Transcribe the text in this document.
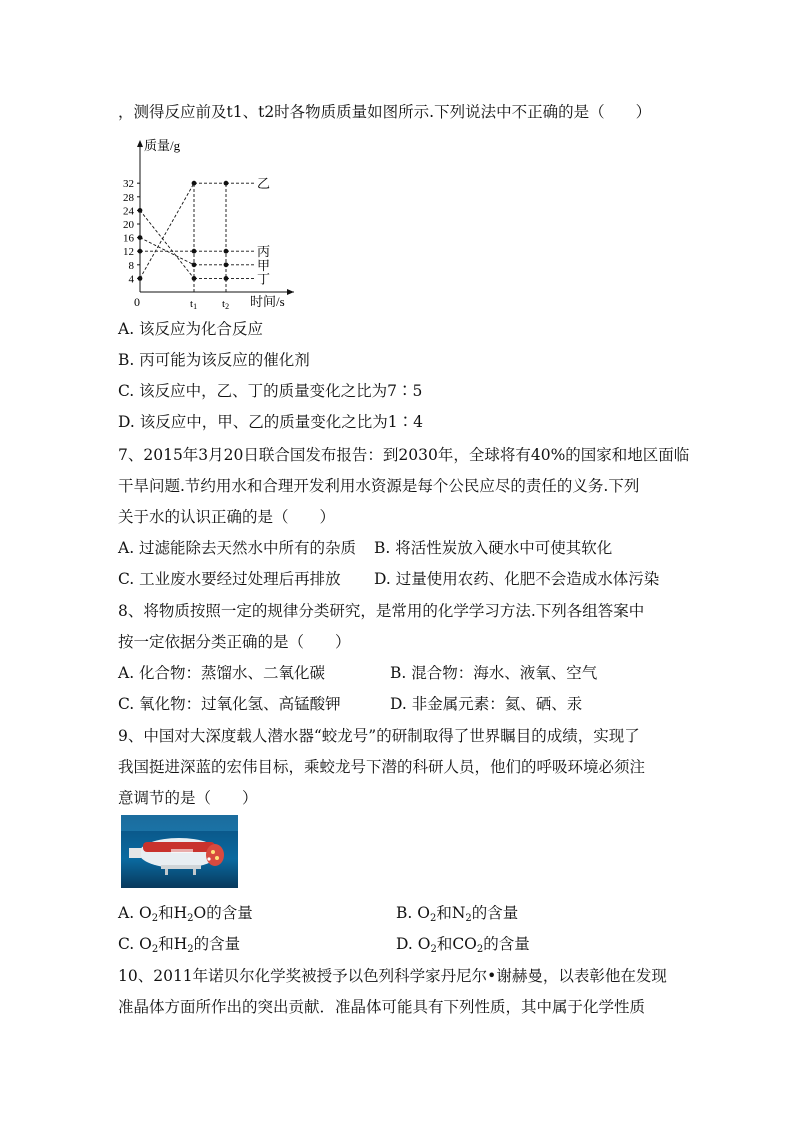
，测得反应前及t1、t2时各物质质量如图所示.下列说法中不正确的是（　　）
4
8
12
16
20
24
28
32
t1 t2
乙
丙
甲
丁
质量/g
时间/s
0
A. 该反应为化合反应
B. 丙可能为该反应的催化剂
C. 该反应中，乙、丁的质量变化之比为7∶5
D. 该反应中，甲、乙的质量变化之比为1∶4
7、2015年3月20日联合国发布报告：到2030年，全球将有40%的国家和地区面临
干旱问题.节约用水和合理开发利用水资源是每个公民应尽的责任的义务.下列
关于水的认识正确的是（　　）
A. 过滤能除去天然水中所有的杂质 B. 将活性炭放入硬水中可使其软化
C. 工业废水要经过处理后再排放 D. 过量使用农药、化肥不会造成水体污染
8、将物质按照一定的规律分类研究，是常用的化学学习方法.下列各组答案中
按一定依据分类正确的是（　　）
A. 化合物：蒸馏水、二氧化碳	B. 混合物：海水、液氧、空气
C. 氧化物：过氧化氢、高锰酸钾	D. 非金属元素：氦、硒、汞
9、中国对大深度载人潜水器“蛟龙号”的研制取得了世界瞩目的成绩，实现了
我国挺进深蓝的宏伟目标，乘蛟龙号下潜的科研人员，他们的呼吸环境必须注
意调节的是（　　）
A. $O_2$和$H_2O$的含量	B. $O_2$和$N_2$的含量
C. $O_2$和$H_2$的含量	D. $O_2$和$CO_2$的含量
10、2011年诺贝尔化学奖被授予以色列科学家丹尼尔•谢赫曼，以表彰他在发现
准晶体方面所作出的突出贡献．准晶体可能具有下列性质，其中属于化学性质
